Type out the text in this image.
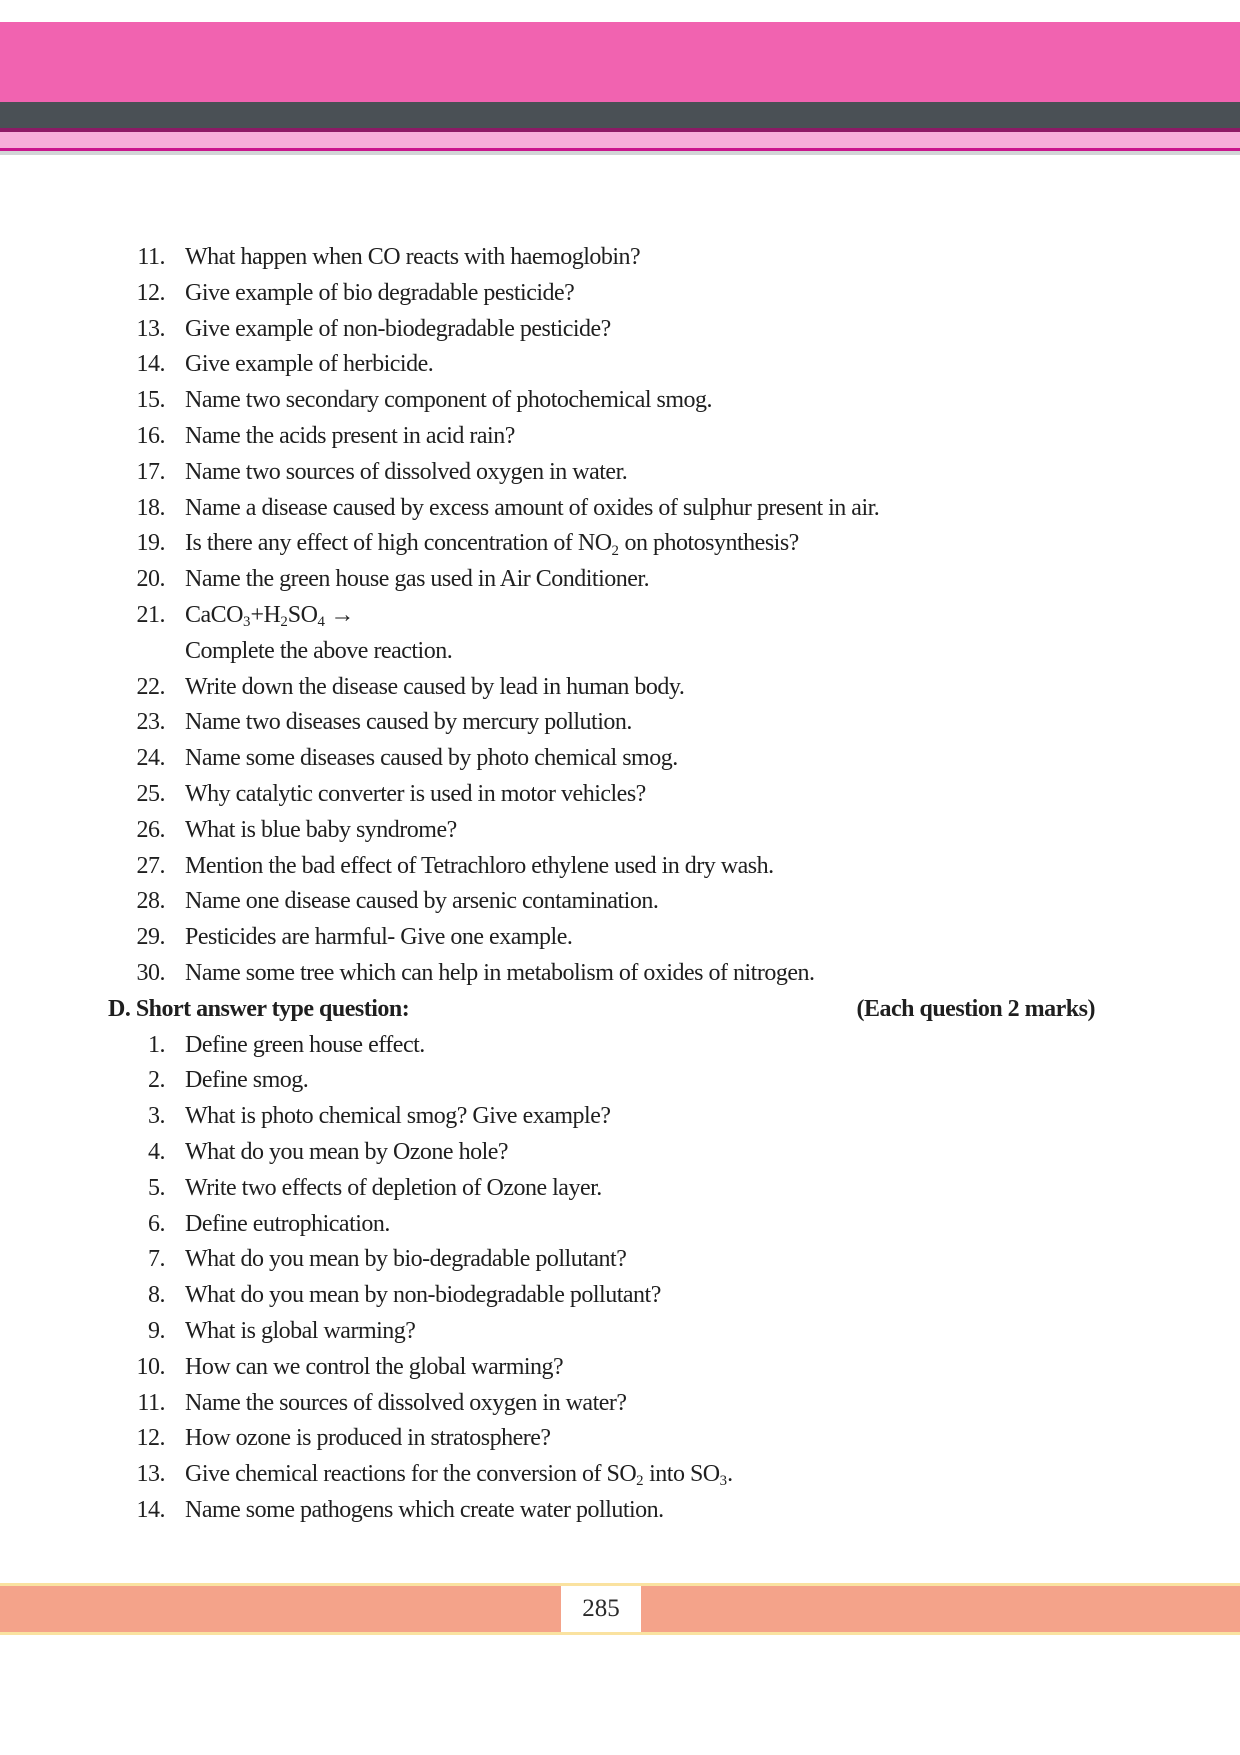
11. What happen when CO reacts with haemoglobin?
12. Give example of bio degradable pesticide?
13. Give example of non-biodegradable pesticide?
14. Give example of herbicide.
15. Name two secondary component of photochemical smog.
16. Name the acids present in acid rain?
17. Name two sources of dissolved oxygen in water.
18. Name a disease caused by excess amount of oxides of sulphur present in air.
19. Is there any effect of high concentration of $NO_2$ on photosynthesis?
20. Name the green house gas used in Air Conditioner.
21. $CaCO_3+H_2SO_4$ →
Complete the above reaction.
22. Write down the disease caused by lead in human body.
23. Name two diseases caused by mercury pollution.
24. Name some diseases caused by photo chemical smog.
25. Why catalytic converter is used in motor vehicles?
26. What is blue baby syndrome?
27. Mention the bad effect of Tetrachloro ethylene used in dry wash.
28. Name one disease caused by arsenic contamination.
29. Pesticides are harmful- Give one example.
30. Name some tree which can help in metabolism of oxides of nitrogen.
D. Short answer type question:	(Each question 2 marks)
1. Define green house effect.
2. Define smog.
3. What is photo chemical smog? Give example?
4. What do you mean by Ozone hole?
5. Write two effects of depletion of Ozone layer.
6. Define eutrophication.
7. What do you mean by bio-degradable pollutant?
8. What do you mean by non-biodegradable pollutant?
9. What is global warming?
10. How can we control the global warming?
11. Name the sources of dissolved oxygen in water?
12. How ozone is produced in stratosphere?
13. Give chemical reactions for the conversion of $SO_2$ into $SO_3$.
14. Name some pathogens which create water pollution.
285
